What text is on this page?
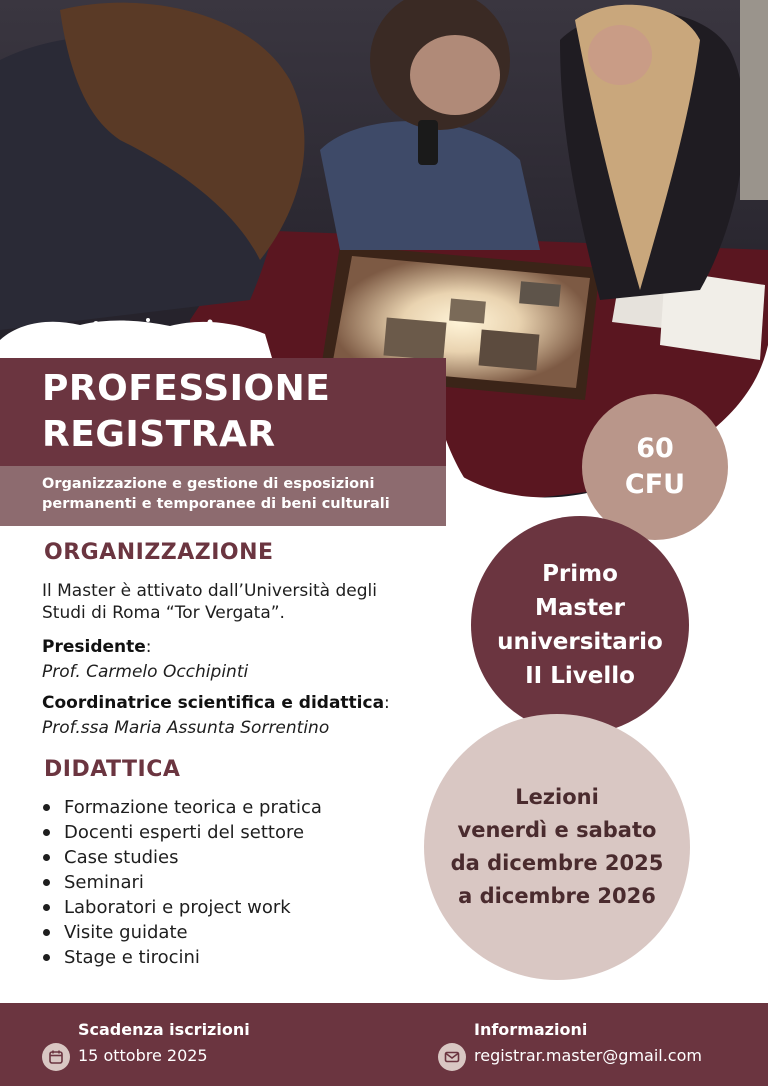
PROFESSIONE
REGISTRAR
Organizzazione e gestione di esposizioni
permanenti e temporanee di beni culturali
ORGANIZZAZIONE
Il Master è attivato dall’Università degli Studi di Roma “Tor Vergata”.
Presidente:
Prof. Carmelo Occhipinti
Coordinatrice scientifica e didattica:
Prof.ssa Maria Assunta Sorrentino
DIDATTICA
Formazione teorica e pratica
Docenti esperti del settore
Case studies
Seminari
Laboratori e project work
Visite guidate
Stage e tirocini
60
CFU
Primo
Master
universitario
II Livello
Lezioni
venerdì e sabato
da dicembre 2025
a dicembre 2026
Scadenza iscrizioni
15 ottobre 2025
Informazioni
registrar.master@gmail.com
